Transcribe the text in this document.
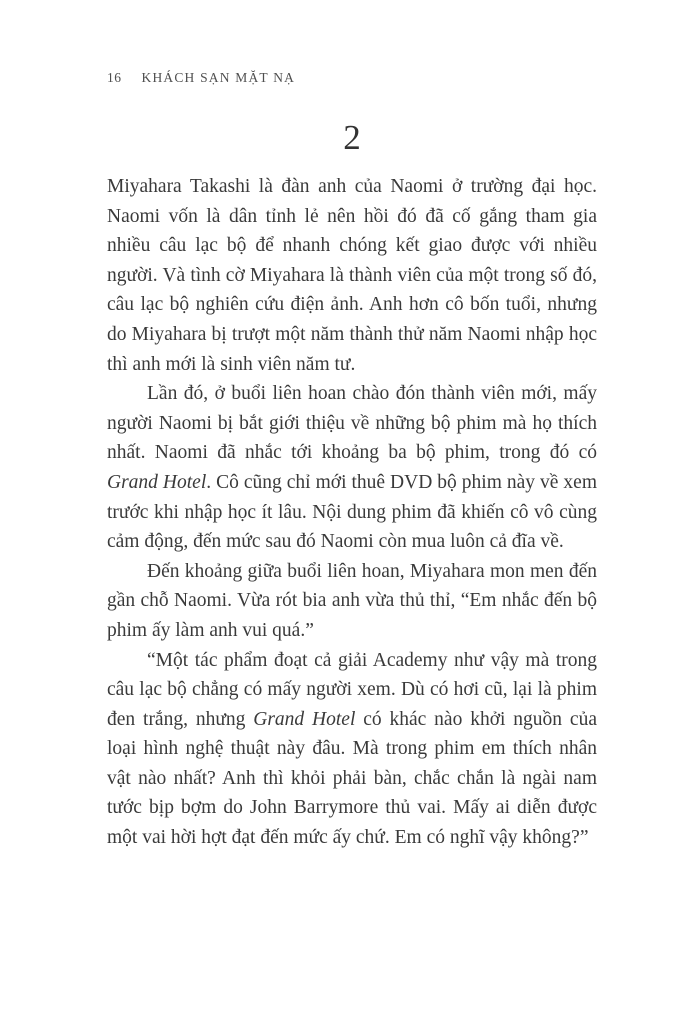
16 KHÁCH SẠN MẶT NẠ
2

Miyahara Takashi là đàn anh của Naomi ở trường đại học. Naomi vốn là dân tỉnh lẻ nên hồi đó đã cố gắng tham gia nhiều câu lạc bộ để nhanh chóng kết giao được với nhiều người. Và tình cờ Miyahara là thành viên của một trong số đó, câu lạc bộ nghiên cứu điện ảnh. Anh hơn cô bốn tuổi, nhưng do Miyahara bị trượt một năm thành thử năm Naomi nhập học thì anh mới là sinh viên năm tư.

Lần đó, ở buổi liên hoan chào đón thành viên mới, mấy người Naomi bị bắt giới thiệu về những bộ phim mà họ thích nhất. Naomi đã nhắc tới khoảng ba bộ phim, trong đó có Grand Hotel. Cô cũng chỉ mới thuê DVD bộ phim này về xem trước khi nhập học ít lâu. Nội dung phim đã khiến cô vô cùng cảm động, đến mức sau đó Naomi còn mua luôn cả đĩa về.

Đến khoảng giữa buổi liên hoan, Miyahara mon men đến gần chỗ Naomi. Vừa rót bia anh vừa thủ thỉ, “Em nhắc đến bộ phim ấy làm anh vui quá.”

“Một tác phẩm đoạt cả giải Academy như vậy mà trong câu lạc bộ chẳng có mấy người xem. Dù có hơi cũ, lại là phim đen trắng, nhưng Grand Hotel có khác nào khởi nguồn của loại hình nghệ thuật này đâu. Mà trong phim em thích nhân vật nào nhất? Anh thì khỏi phải bàn, chắc chắn là ngài nam tước bịp bợm do John Barrymore thủ vai. Mấy ai diễn được một vai hời hợt đạt đến mức ấy chứ. Em có nghĩ vậy không?”
